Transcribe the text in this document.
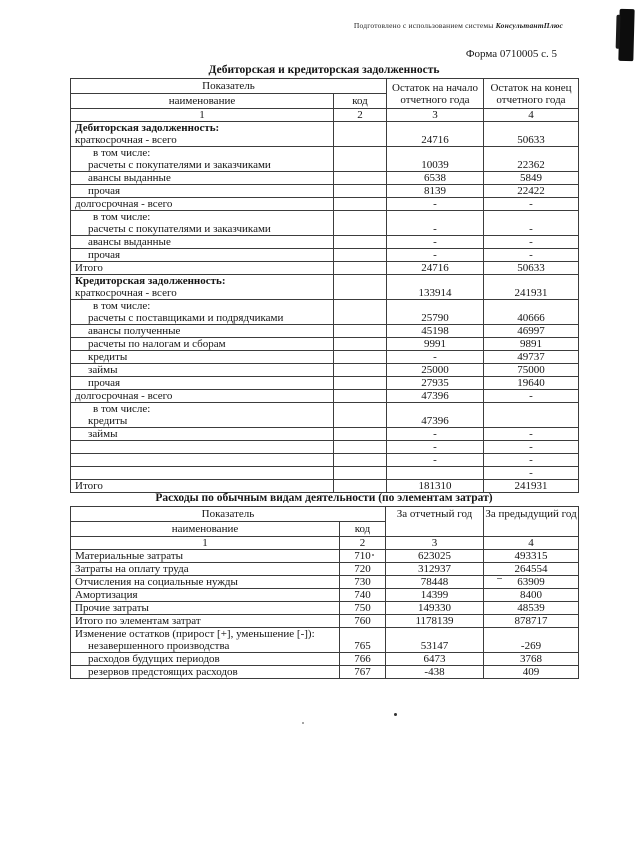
Подготовлено с использованием системы КонсультантПлюс
Форма 0710005 с. 5
Дебиторская и кредиторская задолженность
Показатель		Остаток на начало отчетного года	Остаток на конец отчетного года
наименование	код		
1	2	3	4

Дебиторская задолженность:
краткосрочная - всего		24716	50633

в том числе:
расчеты с покупателями и заказчиками		10039	22362

авансы выданные		6538	5849

прочая		8139	22422

долгосрочная - всего		-	-

в том числе:
расчеты с покупателями и заказчиками		-	-

авансы выданные		-	-

прочая		-	-

Итого		24716	50633

Кредиторская задолженность:
краткосрочная - всего		133914	241931

в том числе:
расчеты с поставщиками и подрядчиками		25790	40666

авансы полученные		45198	46997

расчеты по налогам и сборам		9991	9891

кредиты		-	49737

займы		25000	75000

прочая		27935	19640

долгосрочная - всего		47396	-

в том числе:
кредиты		47396	

займы		-	-

		-	-

		-	-

			-

Итого		181310	241931
Расходы по обычным видам деятельности (по элементам затрат)
Показатель		За отчетный год	За предыдущий год
наименование	код		
1	2	3	4

Материальные затраты	710	623025	493315

Затраты на оплату труда	720	312937	264554

Отчисления на социальные нужды	730	78448	63909

Амортизация	740	14399	8400

Прочие затраты	750	149330	48539

Итого по элементам затрат	760	1178139	878717

Изменение остатков (прирост [+], уменьшение [-]):
незавершенного производства	765	53147	-269

расходов будущих периодов	766	6473	3768

резервов предстоящих расходов	767	-438	409
